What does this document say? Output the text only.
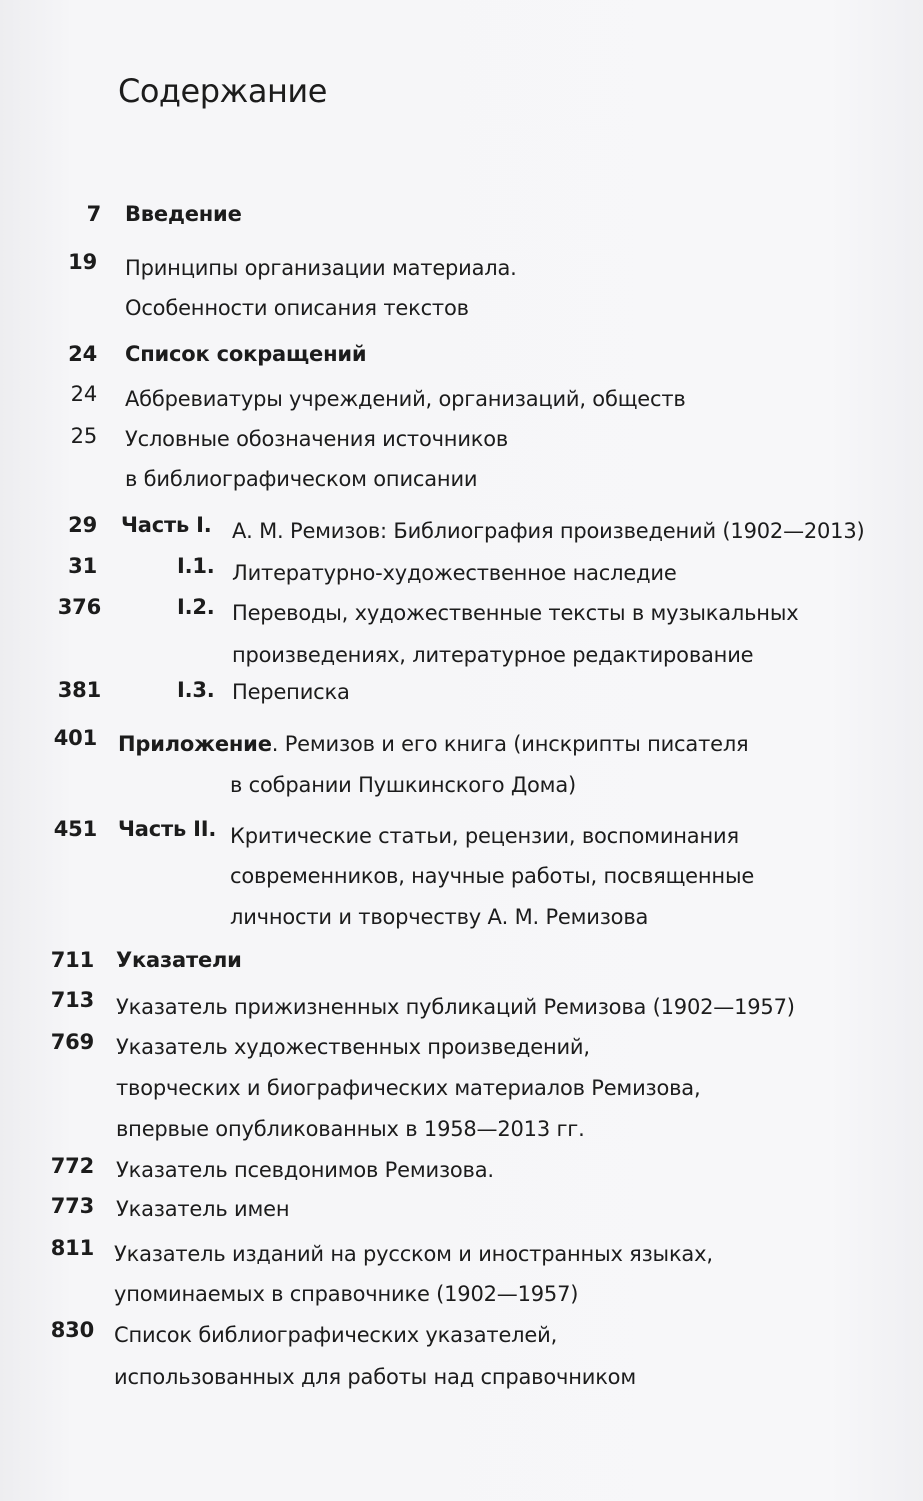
Содержание
7 Введение
19 Принципы организации материала.
Особенности описания текстов
24 Список сокращений
24 Аббревиатуры учреждений, организаций, обществ
25 Условные обозначения источников
в библиографическом описании
29 Часть I. А. М. Ремизов: Библиография произведений (1902—2013)
31	I.1. Литературно-художественное наследие
376	I.2. Переводы, художественные тексты в музыкальных
произведениях, литературное редактирование
381	I.3. Переписка
401 Приложение. Ремизов и его книга (инскрипты писателя
в собрании Пушкинского Дома)
451 Часть II. Критические статьи, рецензии, воспоминания
современников, научные работы, посвященные
личности и творчеству А. М. Ремизова
711 Указатели
713 Указатель прижизненных публикаций Ремизова (1902—1957)
769 Указатель художественных произведений,
творческих и биографических материалов Ремизова,
впервые опубликованных в 1958—2013 гг.
772 Указатель псевдонимов Ремизова.
773 Указатель имен
811 Указатель изданий на русском и иностранных языках,
упоминаемых в справочнике (1902—1957)
830 Список библиографических указателей,
использованных для работы над справочником
